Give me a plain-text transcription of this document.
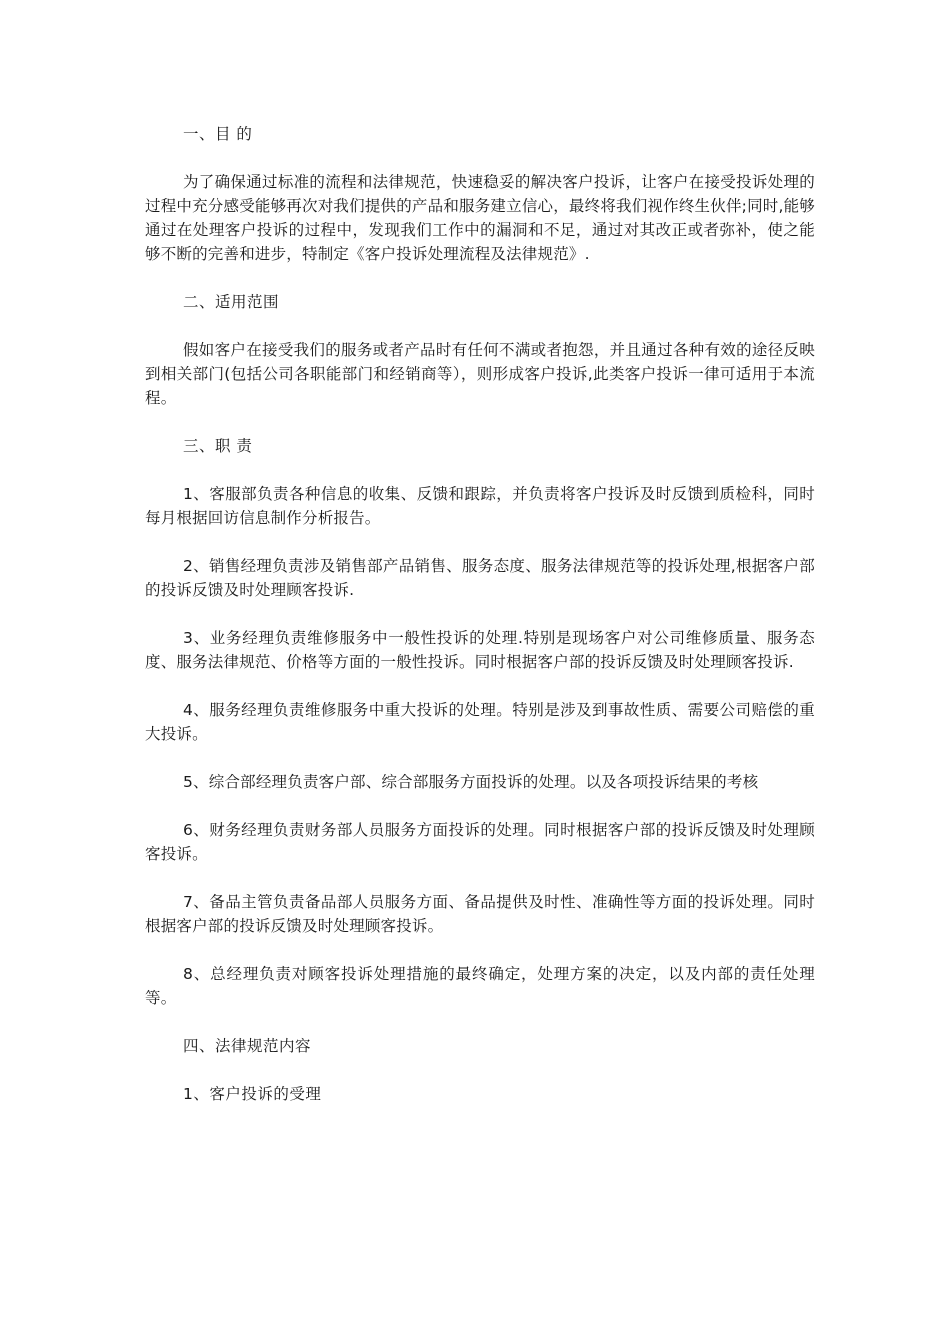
一、目 的

为了确保通过标准的流程和法律规范，快速稳妥的解决客户投诉，让客户在接受投诉处理的过程中充分感受能够再次对我们提供的产品和服务建立信心，最终将我们视作终生伙伴;同时,能够通过在处理客户投诉的过程中，发现我们工作中的漏洞和不足，通过对其改正或者弥补，使之能够不断的完善和进步，特制定《客户投诉处理流程及法律规范》.

二、适用范围

假如客户在接受我们的服务或者产品时有任何不满或者抱怨，并且通过各种有效的途径反映到相关部门(包括公司各职能部门和经销商等），则形成客户投诉,此类客户投诉一律可适用于本流程。

三、职 责

1、客服部负责各种信息的收集、反馈和跟踪，并负责将客户投诉及时反馈到质检科，同时每月根据回访信息制作分析报告。

2、销售经理负责涉及销售部产品销售、服务态度、服务法律规范等的投诉处理,根据客户部的投诉反馈及时处理顾客投诉.

3、业务经理负责维修服务中一般性投诉的处理.特别是现场客户对公司维修质量、服务态度、服务法律规范、价格等方面的一般性投诉。同时根据客户部的投诉反馈及时处理顾客投诉.

4、服务经理负责维修服务中重大投诉的处理。特别是涉及到事故性质、需要公司赔偿的重大投诉。

5、综合部经理负责客户部、综合部服务方面投诉的处理。以及各项投诉结果的考核

6、财务经理负责财务部人员服务方面投诉的处理。同时根据客户部的投诉反馈及时处理顾客投诉。

7、备品主管负责备品部人员服务方面、备品提供及时性、准确性等方面的投诉处理。同时根据客户部的投诉反馈及时处理顾客投诉。

8、总经理负责对顾客投诉处理措施的最终确定，处理方案的决定，以及内部的责任处理等。

四、法律规范内容

1、客户投诉的受理
